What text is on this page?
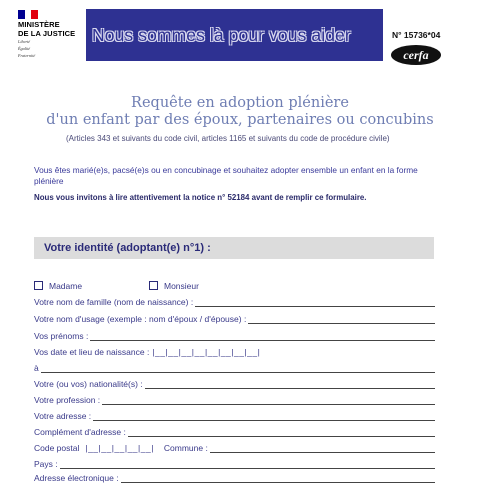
MINISTÈRE
DE LA JUSTICE
Liberté
Égalité
Fraternité
Nous sommes là pour vous aider	N° 15736*04
cerfa
Requête en adoption plénière
d'un enfant par des époux, partenaires ou concubins
(Articles 343 et suivants du code civil, articles 1165 et suivants du code de procédure civile)
Vous êtes marié(e)s, pacsé(e)s ou en concubinage et souhaitez adopter ensemble un enfant en la forme plénière
Nous vous invitons à lire attentivement la notice n° 52184 avant de remplir ce formulaire.
Votre identité (adoptant(e) n°1) :
Madame	Monsieur
Votre nom de famille (nom de naissance) :
Votre nom d'usage (exemple : nom d'époux / d'épouse) :
Vos prénoms :
Vos date et lieu de naissance : |__|__|__|__|__|__|__|__|
à
Votre (ou vos) nationalité(s) :
Votre profession :
Votre adresse :
Complément d'adresse :
Code postal |__|__|__|__|__| Commune :
Pays :
Adresse électronique :
